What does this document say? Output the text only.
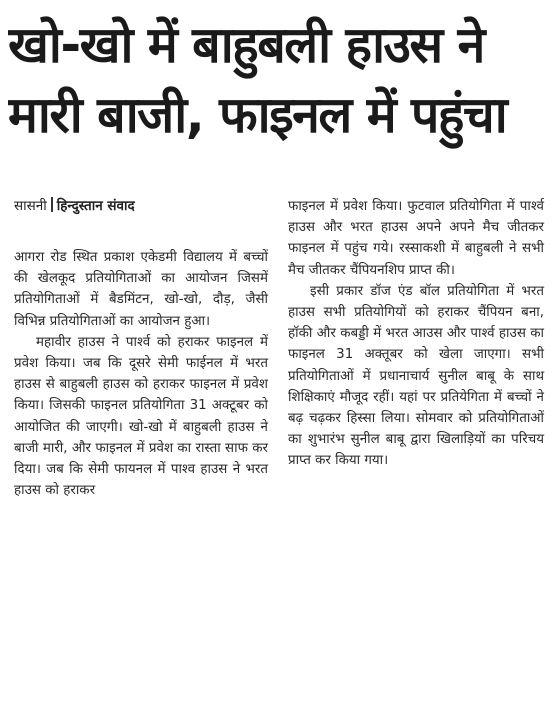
खो-खो में बाहुबली हाउस ने
मारी बाजी, फाइनल में पहुंचा
सासनी हिन्दुस्तान संवाद

आगरा रोड स्थित प्रकाश एकेडमी विद्यालय में बच्चों की खेलकूद प्रतियोगिताओं का आयोजन जिसमें प्रतियोगिताओं में बैडमिंटन, खो-खो, दौड़, जैसी विभिन्न प्रतियोगिताओं का आयोजन हुआ।

महावीर हाउस ने पार्श्व को हराकर फाइनल में प्रवेश किया। जब कि दूसरे सेमी फाईनल में भरत हाउस से बाहुबली हाउस को हराकर फाइनल में प्रवेश किया। जिसकी फाइनल प्रतियोगिता 31 अक्टूबर को आयोजित की जाएगी। खो-खो में बाहुबली हाउस ने बाजी मारी, और फाइनल में प्रवेश का रास्ता साफ कर दिया। जब कि सेमी फायनल में पाश्व हाउस ने भरत हाउस को हराकर

फाइनल में प्रवेश किया। फुटवाल प्रतियोगिता में पार्श्व हाउस और भरत हाउस अपने अपने मैच जीतकर फाइनल में पहुंच गये। रस्साकशी में बाहुबली ने सभी मैच जीतकर चैंपियनशिप प्राप्त की।

इसी प्रकार डॉज एंड बॉल प्रतियोगिता में भरत हाउस सभी प्रतियोगियों को हराकर चैंपियन बना, हॉकी और कबड्डी में भरत आउस और पार्श्व हाउस का फाइनल 31 अक्तूबर को खेला जाएगा। सभी प्रतियोगिताओं में प्रधानाचार्य सुनील बाबू के साथ शिक्षिकाएं मौजूद रहीं। यहां पर प्रतियेगिता में बच्चों ने बढ़ चढ़कर हिस्सा लिया। सोमवार को प्रतियोगिताओं का शुभारंभ सुनील बाबू द्वारा खिलाड़ियों का परिचय प्राप्त कर किया गया।
